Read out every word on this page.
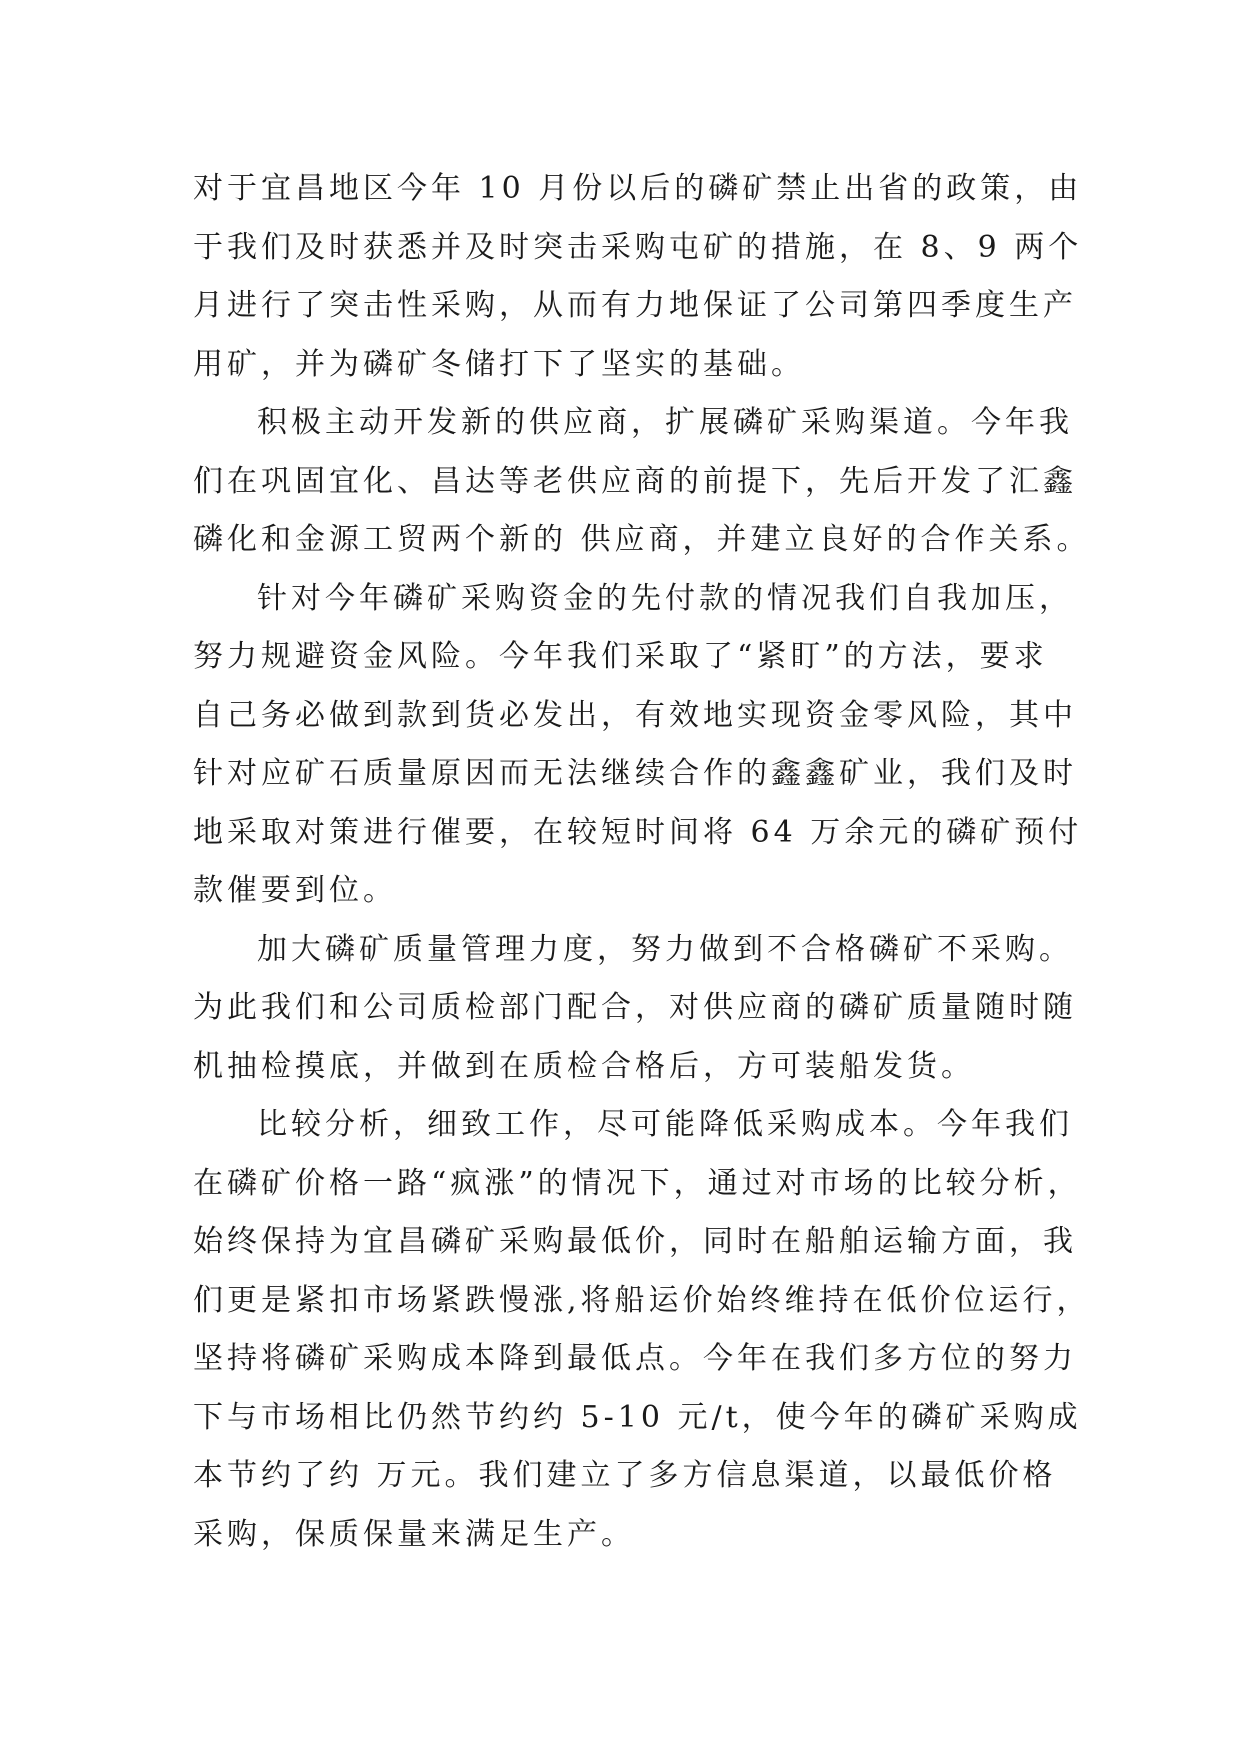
对于宜昌地区今年 10 月份以后的磷矿禁止出省的政策，由
于我们及时获悉并及时突击采购屯矿的措施，在 8、9 两个
月进行了突击性采购，从而有力地保证了公司第四季度生产
用矿，并为磷矿冬储打下了坚实的基础。
积极主动开发新的供应商，扩展磷矿采购渠道。今年我
们在巩固宜化、昌达等老供应商的前提下，先后开发了汇鑫
磷化和金源工贸两个新的 供应商，并建立良好的合作关系。
针对今年磷矿采购资金的先付款的情况我们自我加压，
努力规避资金风险。今年我们采取了“紧盯”的方法，要求
自己务必做到款到货必发出，有效地实现资金零风险，其中
针对应矿石质量原因而无法继续合作的鑫鑫矿业，我们及时
地采取对策进行催要，在较短时间将 64 万余元的磷矿预付
款催要到位。
加大磷矿质量管理力度，努力做到不合格磷矿不采购。
为此我们和公司质检部门配合，对供应商的磷矿质量随时随
机抽检摸底，并做到在质检合格后，方可装船发货。
比较分析，细致工作，尽可能降低采购成本。今年我们
在磷矿价格一路“疯涨”的情况下，通过对市场的比较分析，
始终保持为宜昌磷矿采购最低价，同时在船舶运输方面，我
们更是紧扣市场紧跌慢涨,将船运价始终维持在低价位运行，
坚持将磷矿采购成本降到最低点。今年在我们多方位的努力
下与市场相比仍然节约约 5-10 元/t，使今年的磷矿采购成
本节约了约 万元。我们建立了多方信息渠道，以最低价格
采购，保质保量来满足生产。
